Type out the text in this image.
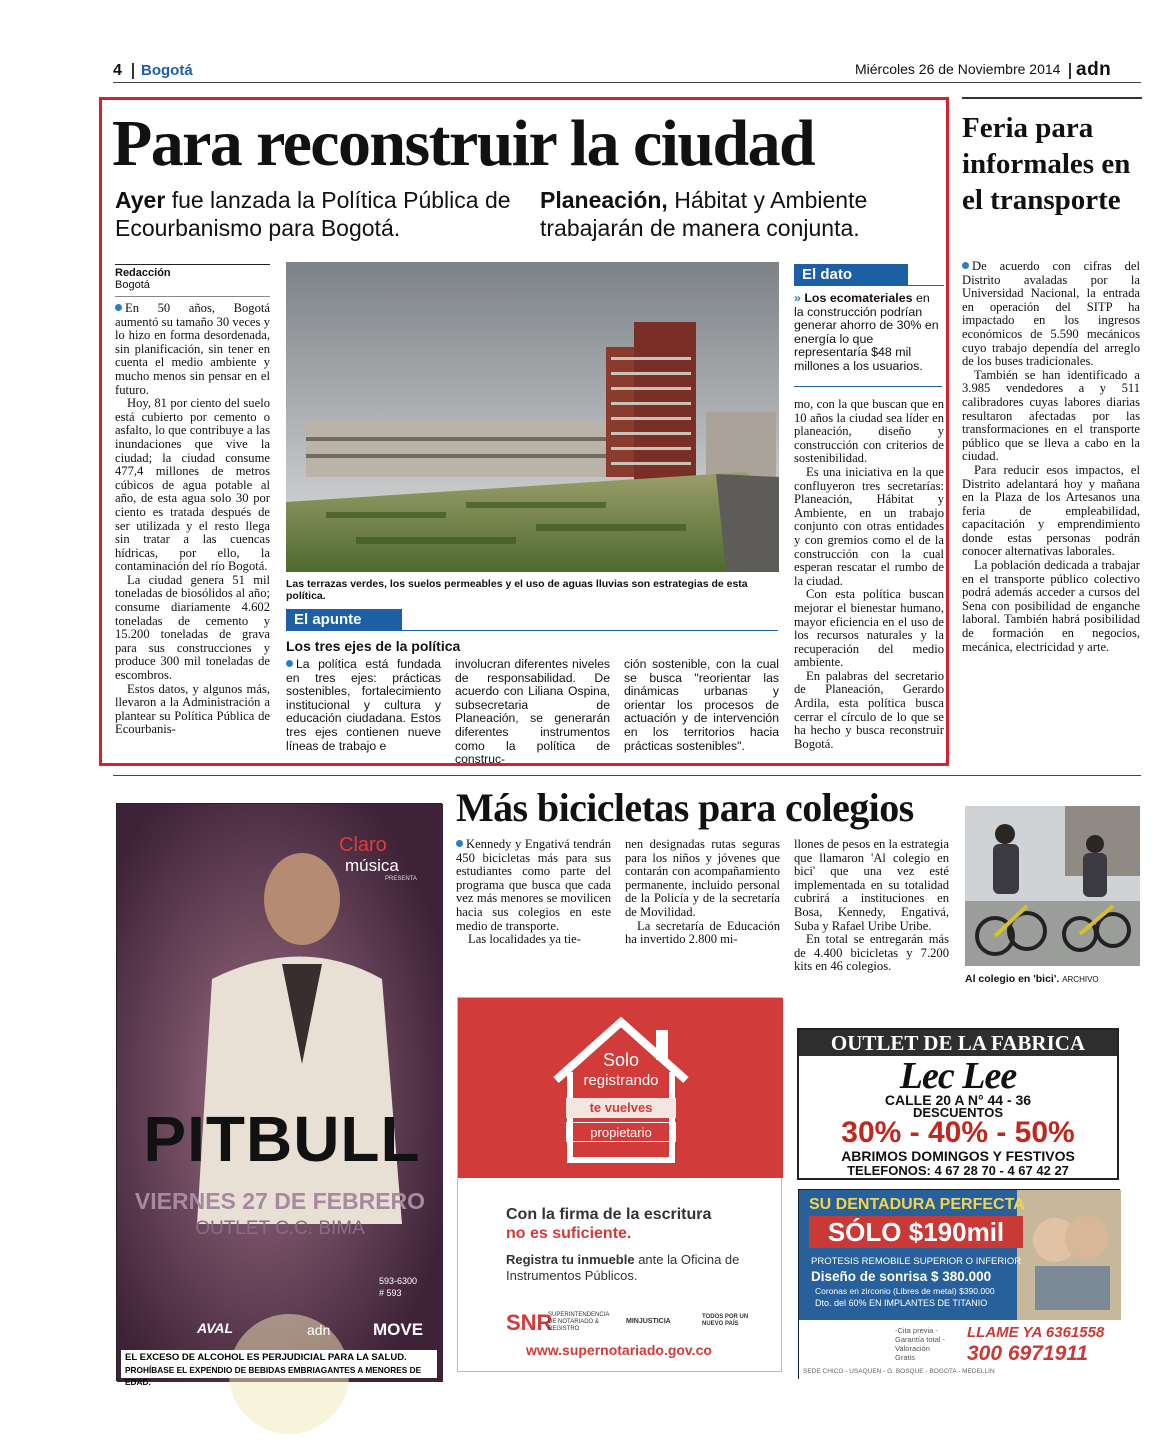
4 Bogotá	Miércoles 26 de Noviembre 2014 adn
Para reconstruir la ciudad
Ayer fue lanzada la Política Pública de Ecourbanismo para Bogotá.
Planeación, Hábitat y Ambiente trabajarán de manera conjunta.
Redacción
Bogotá

En 50 años, Bogotá aumentó su tamaño 30 veces y lo hizo en forma desordenada, sin planificación, sin tener en cuenta el medio ambiente y mucho menos sin pensar en el futuro.

Hoy, 81 por ciento del suelo está cubierto por cemento o asfalto, lo que contribuye a las inundaciones que vive la ciudad; la ciudad consume 477,4 millones de metros cúbicos de agua potable al año, de esta agua solo 30 por ciento es tratada después de ser utilizada y el resto llega sin tratar a las cuencas hídricas, por ello, la contaminación del río Bogotá.

La ciudad genera 51 mil toneladas de biosólidos al año; consume diariamente 4.602 toneladas de cemento y 15.200 toneladas de grava para sus construcciones y produce 300 mil toneladas de escombros.

Estos datos, y algunos más, llevaron a la Administración a plantear su Política Pública de Ecourbanis-

Las terrazas verdes, los suelos permeables y el uso de aguas lluvias son estrategias de esta política.
El dato
» Los ecomateriales en la construcción podrían generar ahorro de 30% en energía lo que representaría $48 mil millones a los usuarios.

mo, con la que buscan que en 10 años la ciudad sea líder en planeación, diseño y construcción con criterios de sostenibilidad.

Es una iniciativa en la que confluyeron tres secretarías: Planeación, Hábitat y Ambiente, en un trabajo conjunto con otras entidades y con gremios como el de la construcción con la cual esperan rescatar el rumbo de la ciudad.

Con esta política buscan mejorar el bienestar humano, mayor eficiencia en el uso de los recursos naturales y la recuperación del medio ambiente.

En palabras del secretario de Planeación, Gerardo Ardila, esta política busca cerrar el círculo de lo que se ha hecho y busca reconstruir Bogotá.

El apunte
Los tres ejes de la política
La política está fundada en tres ejes: prácticas sostenibles, fortalecimiento institucional y cultura y educación ciudadana. Estos tres ejes contienen nueve líneas de trabajo e
involucran diferentes niveles de responsabilidad. De acuerdo con Liliana Ospina, subsecretaria de Planeación, se generarán diferentes instrumentos como la política de construc-
ción sostenible, con la cual se busca "reorientar las dinámicas urbanas y orientar los procesos de actuación y de intervención en los territorios hacia prácticas sostenibles".
Feria para informales en el transporte

De acuerdo con cifras del Distrito avaladas por la Universidad Nacional, la entrada en operación del SITP ha impactado en los ingresos económicos de 5.590 mecánicos cuyo trabajo dependía del arreglo de los buses tradicionales.

También se han identificado a 3.985 vendedores a y 511 calibradores cuyas labores diarias resultaron afectadas por las transformaciones en el transporte público que se lleva a cabo en la ciudad.

Para reducir esos impactos, el Distrito adelantará hoy y mañana en la Plaza de los Artesanos una feria de empleabilidad, capacitación y emprendimiento donde estas personas podrán conocer alternativas laborales.

La población dedicada a trabajar en el transporte público colectivo podrá además acceder a cursos del Sena con posibilidad de enganche laboral. También habrá posibilidad de formación en negocios, mecánica, electricidad y arte.

Más bicicletas para colegios

Kennedy y Engativá tendrán 450 bicicletas más para sus estudiantes como parte del programa que busca que cada vez más menores se movilicen hacia sus colegios en este medio de transporte.

Las localidades ya tie-

nen designadas rutas seguras para los niños y jóvenes que contarán con acompañamiento permanente, incluido personal de la Policía y de la secretaría de Movilidad.

La secretaría de Educación ha invertido 2.800 mi-

llones de pesos en la estrategia que llamaron 'Al colegio en bici' que una vez esté implementada en su totalidad cubrirá a instituciones en Bosa, Kennedy, Engativá, Suba y Rafael Uribe Uribe.

En total se entregarán más de 4.400 bicicletas y 7.200 kits en 46 colegios.

Al colegio en 'bici'. ARCHIVO
Claro
música
PRESENTA
PITBULL
VIERNES 27 DE FEBRERO
OUTLET C.C. BIMA
AVAL	adn	MOVE
593-6300
# 593
EL EXCESO DE ALCOHOL ES PERJUDICIAL PARA LA SALUD.
PROHÍBASE EL EXPENDIO DE BEBIDAS EMBRIAGANTES A MENORES DE EDAD.
Solo
registrando
te vuelves
propietario
Con la firma de la escritura
no es suficiente.
Registra tu inmueble ante la Oficina de Instrumentos Públicos.
SNR
SUPERINTENDENCIA DE NOTARIADO & REGISTRO
MINJUSTICIA
TODOS POR UN NUEVO PAÍS
www.supernotariado.gov.co
OUTLET DE LA FABRICA
Lec Lee
CALLE 20 A N° 44 - 36
DESCUENTOS
30% - 40% - 50%
ABRIMOS DOMINGOS Y FESTIVOS
TELEFONOS: 4 67 28 70 - 4 67 42 27
SU DENTADURA PERFECTA
SÓLO $190mil
PROTESIS REMOBILE SUPERIOR O INFERIOR
Diseño de sonrisa $ 380.000
Coronas en zirconio (Libres de metal) $390.000
Dto. del 60% EN IMPLANTES DE TITANIO
-Cita previa -Garantía total -Valoración Gratis
LLAME YA 6361558
300 6971911
SEDE CHICO - USAQUEN - G. BOSQUE - BOGOTA - MEDELLIN
